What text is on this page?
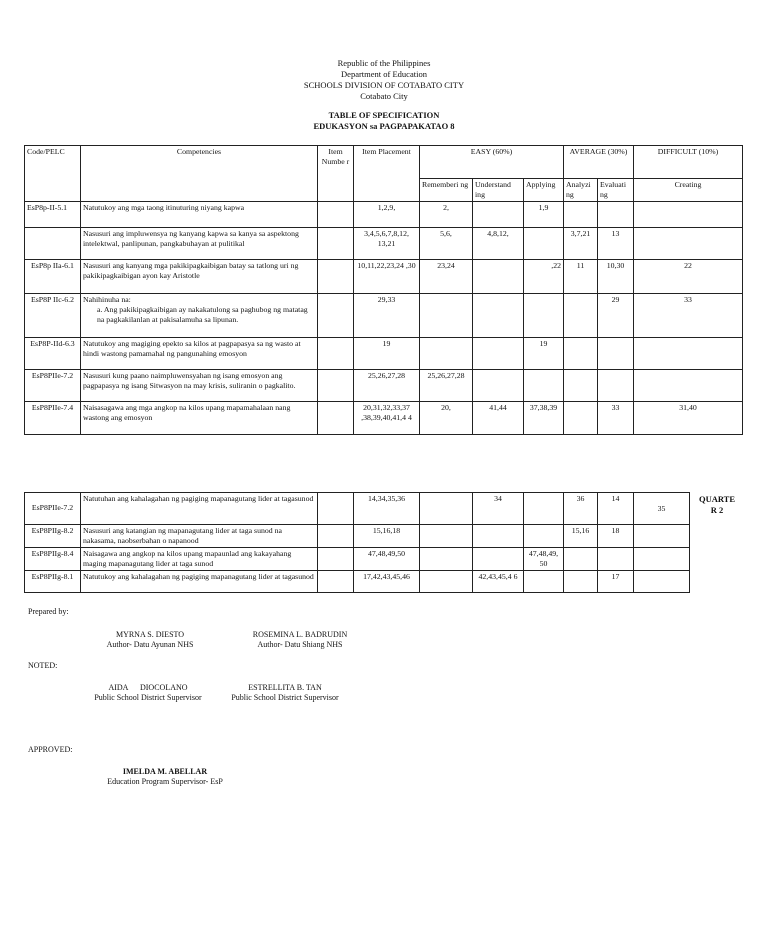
Republic of the Philippines
Department of Education
SCHOOLS DIVISION OF COTABATO CITY
Cotabato City
TABLE OF SPECIFICATION
EDUKASYON sa PAGPAPAKATAO 8
Code/PELC	Competencies	Item Numbe r	Item Placement	EASY (60%)			AVERAGE (30%)		DIFFICULT (10%)
				Rememberi ng	Understand ing	Applying	Analyzi ng	Evaluati ng	Creating
EsP8p-II-5.1	Natutukoy ang mga taong itinuturing niyang kapwa		1,2,9,	2,		1,9			
	Nasusuri ang impluwensya ng kanyang kapwa sa kanya sa aspektong intelektwal, panlipunan, pangkabuhayan at pulitikal		3,4,5,6,7,8,12, 13,21	5,6,	4,8,12,		3,7,21	13	
EsP8p IIa-6.1	Nasusuri ang kanyang mga pakikipagkaibigan batay sa tatlong uri ng pakikipagkaibigan ayon kay Aristotle		10,11,22,23,24 ,30	23,24		,22	11	10,30	22
EsP8P IIc-6.2	Nahihinuha na:
a. Ang pakikipagkaibigan ay nakakatulong sa paghubog ng matatag na pagkakilanlan at pakisalamuha sa lipunan.		29,33					29	33
EsP8P-IId-6.3	Natutukoy ang magiging epekto sa kilos at pagpapasya sa ng wasto at hindi wastong pamamahal ng pangunahing emosyon		19			19			
EsP8PIIe-7.2	Nasusuri kung paano naimpluwensyahan ng isang emosyon ang pagpapasya ng isang Sitwasyon na may krisis, suliranin o pagkalito.		25,26,27,28	25,26,27,28					
EsP8PIIe-7.4	Naisasagawa ang mga angkop na kilos upang mapamahalaan nang wastong ang emosyon		20,31,32,33,37 ,38,39,40,41,4 4	20,	41,44	37,38,39		33	31,40
EsP8PIIe-7.2	Natutuhan ang kahalagahan ng pagiging mapanagutang lider at tagasunod		14,34,35,36		34		36	14	35
EsP8PIIg-8.2	Nasusuri ang katangian ng mapanagutang lider at taga sunod na nakasama, naobserbahan o napanood		15,16,18				15,16	18	
EsP8PIIg-8.4	Naisagawa ang angkop na kilos upang mapaunlad ang kakayahang maging mapanagutang lider at taga sunod		47,48,49,50			47,48,49, 50			
EsP8PIIg-8.1	Natutukoy ang kahalagahan ng pagiging mapanagutang lider at tagasunod		17,42,43,45,46		42,43,45,4 6			17	
QUARTE R 2
Prepared by:
MYRNA S. DIESTO
Author- Datu Ayunan NHS
ROSEMINA L. BADRUDIN
Author- Datu Shiang NHS
NOTED:
AIDA      DIOCOLANO
Public School District Supervisor
ESTRELLITA B. TAN
Public School District Supervisor
APPROVED:
IMELDA M. ABELLAR
Education Program Supervisor- EsP
